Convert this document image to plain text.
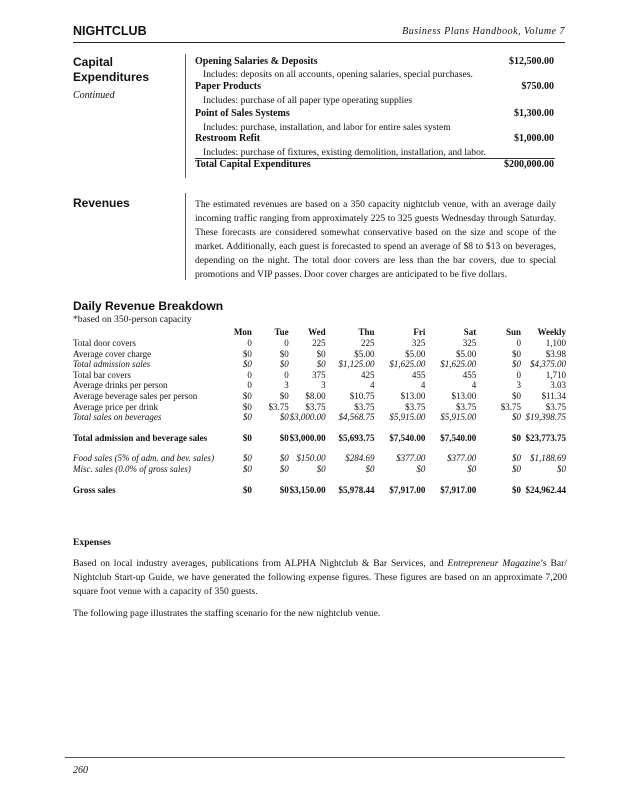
NIGHTCLUB	Business Plans Handbook, Volume 7
Capital
Expenditures
Continued
Opening Salaries & Deposits	$12,500.00
Includes: deposits on all accounts, opening salaries, special purchases.
Paper Products	$750.00
Includes: purchase of all paper type operating supplies
Point of Sales Systems	$1,300.00
Includes: purchase, installation, and labor for entire sales system
Restroom Refit	$1,000.00
Includes: purchase of fixtures, existing demolition, installation, and labor.
Total Capital Expenditures	$200,000.00
Revenues	The estimated revenues are based on a 350 capacity nightclub venue, with an average daily incoming traffic ranging from approximately 225 to 325 guests Wednesday through Saturday. These forecasts are considered somewhat conservative based on the size and scope of the market. Additionally, each guest is forecasted to spend an average of $8 to $13 on beverages, depending on the night. The total door covers are less than the bar covers, due to special promotions and VIP passes. Door cover charges are anticipated to be five dollars.
Daily Revenue Breakdown
*based on 350-person capacity
	Mon	Tue	Wed	Thu	Fri	Sat	Sun	Weekly
Total door covers	0	0	225	225	325	325	0	1,100
Average cover charge	$0	$0	$0	$5.00	$5.00	$5.00	$0	$3.98
Total admission sales	$0	$0	$0	$1,125.00	$1,625.00	$1,625.00	$0	$4,375.00
Total bar covers	0	0	375	425	455	455	0	1,710
Average drinks per person	0	3	3	4	4	4	3	3.03
Average beverage sales per person	$0	$0	$8.00	$10.75	$13.00	$13.00	$0	$11.34
Average price per drink	$0	$3.75	$3.75	$3.75	$3.75	$3.75	$3.75	$3.75
Total sales on beverages	$0	$0	$3,000.00	$4,568.75	$5,915.00	$5,915.00	$0	$19,398.75

Total admission and beverage sales	$0	$0	$3,000.00	$5,693.75	$7,540.00	$7,540.00	$0	$23,773.75

Food sales (5% of adm. and bev. sales)	$0	$0	$150.00	$284.69	$377.00	$377.00	$0	$1,188.69
Misc. sales (0.0% of gross sales)	$0	$0	$0	$0	$0	$0	$0	$0

Gross sales	$0	$0	$3,150.00	$5,978.44	$7,917.00	$7,917.00	$0	$24,962.44
Expenses
Based on local industry averages, publications from ALPHA Nightclub & Bar Services, and Entrepreneur Magazine’s Bar/ Nightclub Start-up Guide, we have generated the following expense figures. These figures are based on an approximate 7,200 square foot venue with a capacity of 350 guests.
The following page illustrates the staffing scenario for the new nightclub venue.
260
